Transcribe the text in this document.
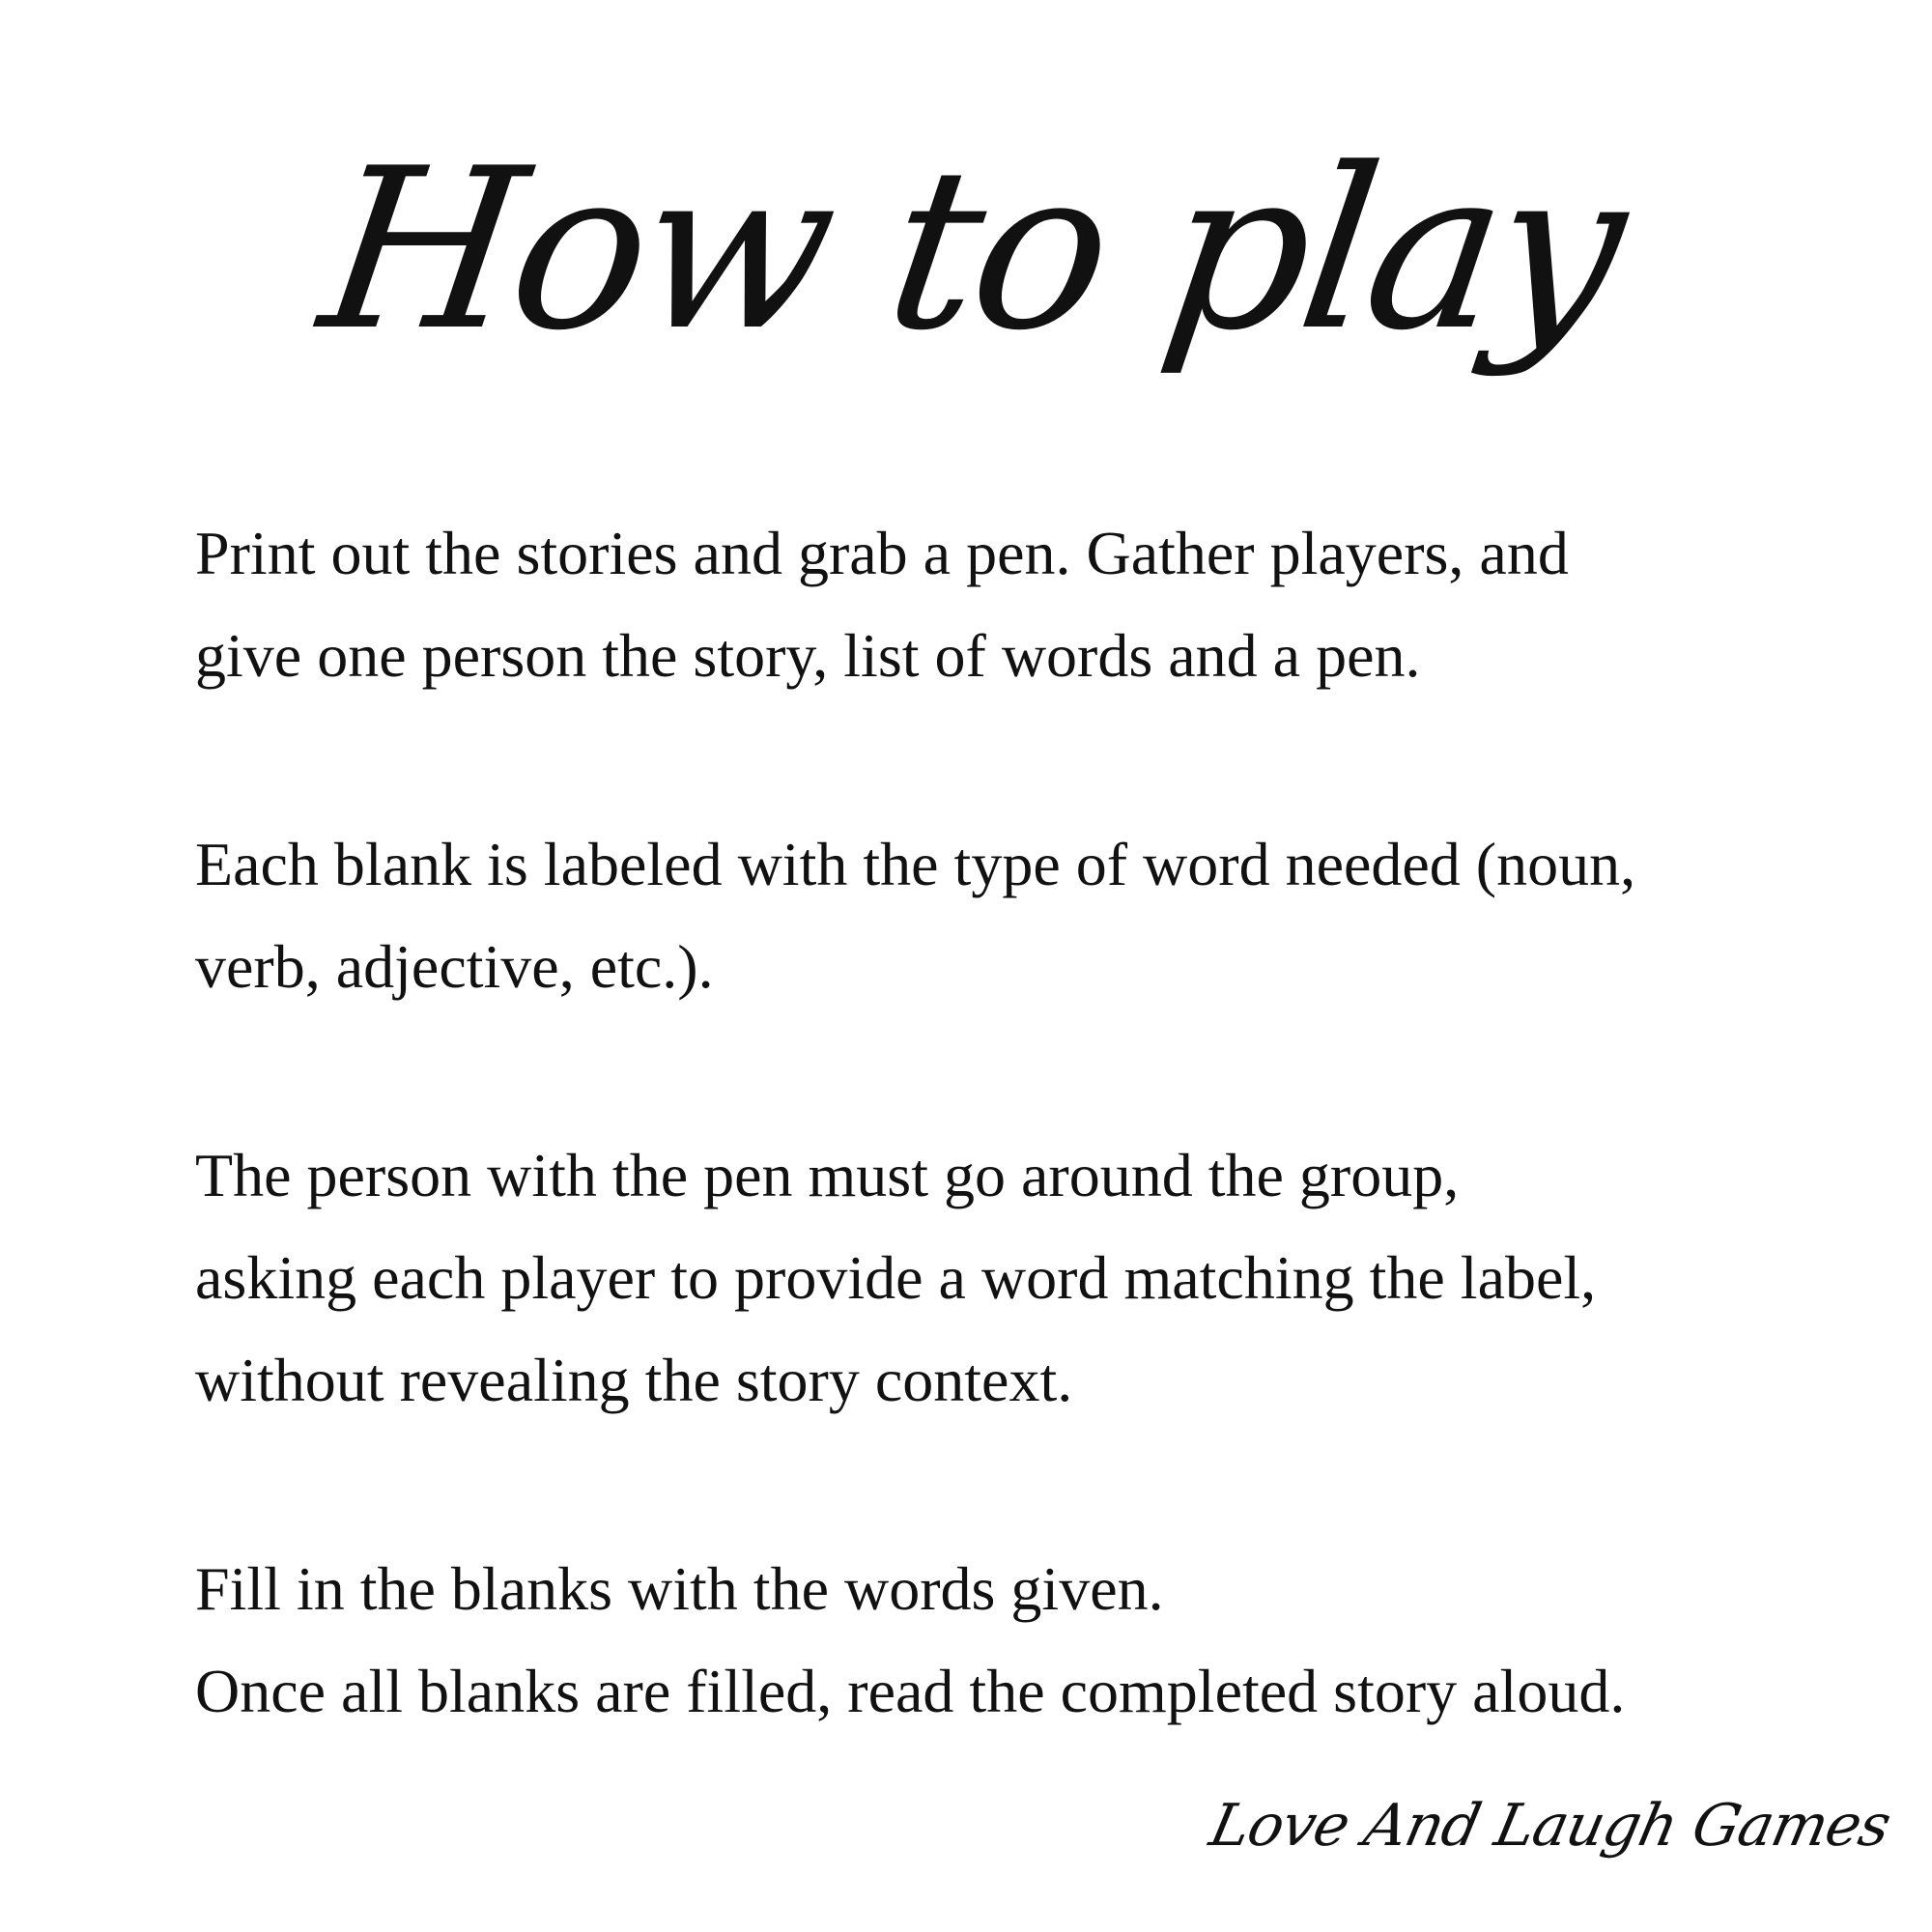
How to play

Print out the stories and grab a pen. Gather players, and
give one person the story, list of words and a pen.

Each blank is labeled with the type of word needed (noun,
verb, adjective, etc.).

The person with the pen must go around the group,
asking each player to provide a word matching the label,
without revealing the story context.

Fill in the blanks with the words given.
Once all blanks are filled, read the completed story aloud.

Love And Laugh Games
